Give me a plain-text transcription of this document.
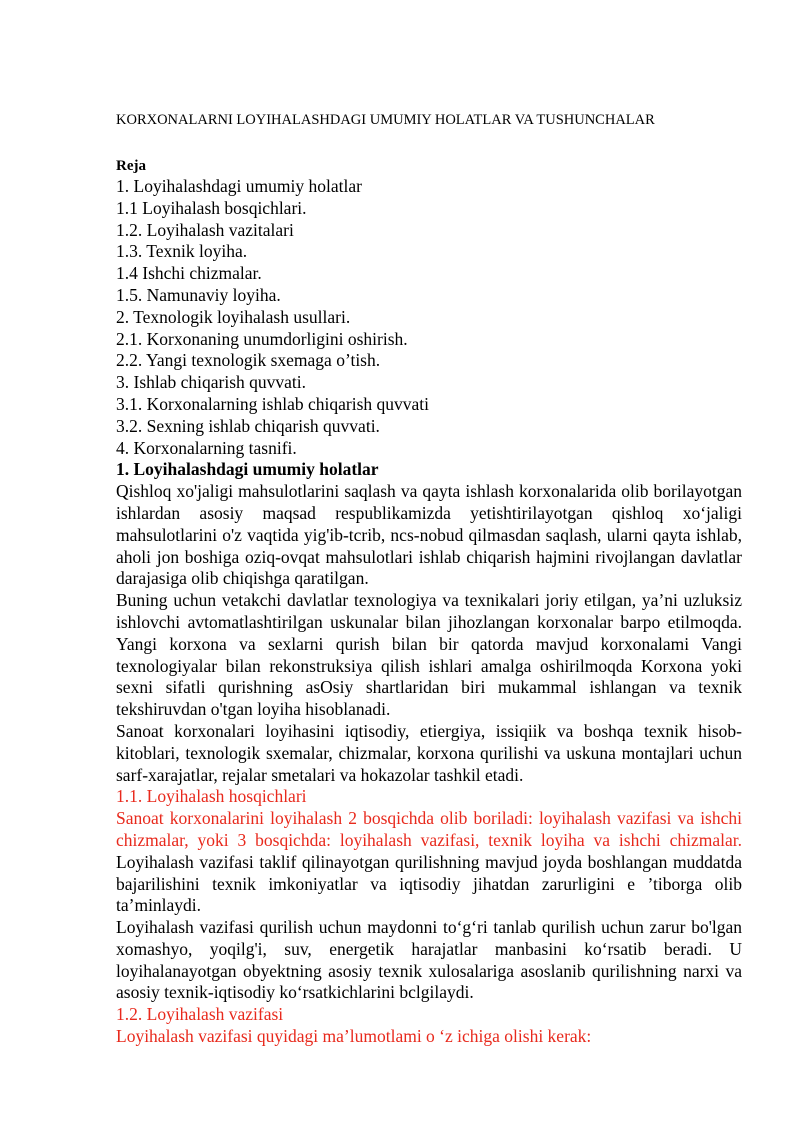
KORXONALARNI LOYIHALASHDAGI UMUMIY HOLATLAR VA TUSHUNCHALAR
Reja
1. Loyihalashdagi umumiy holatlar
1.1 Loyihalash bosqichlari.
1.2. Loyihalash vazitalari
1.3. Texnik loyiha.
1.4 Ishchi chizmalar.
1.5. Namunaviy loyiha.
2. Texnologik loyihalash usullari.
2.1. Korxonaning unumdorligini oshirish.
2.2. Yangi texnologik sxemaga o’tish.
3. Ishlab chiqarish quvvati.
3.1. Korxonalarning ishlab chiqarish quvvati
3.2. Sexning ishlab chiqarish quvvati.
4. Korxonalarning tasnifi.
1. Loyihalashdagi umumiy holatlar

Qishloq xo'jaligi mahsulotlarini saqlash va qayta ishlash korxonalarida olib borilayotgan ishlardan asosiy maqsad respublikamizda yetishtirilayotgan qishloq xo‘jaligi mahsulotlarini o'z vaqtida yig'ib-tcrib, ncs-nobud qilmasdan saqlash, ularni qayta ishlab, aholi jon boshiga oziq-ovqat mahsulotlari ishlab chiqarish hajmini rivojlangan davlatlar darajasiga olib chiqishga qaratilgan.

Buning uchun vetakchi davlatlar texnologiya va texnikalari joriy etilgan, ya’ni uzluksiz ishlovchi avtomatlashtirilgan uskunalar bilan jihozlangan korxonalar barpo etilmoqda. Yangi korxona va sexlarni qurish bilan bir qatorda mavjud korxonalami Vangi texnologiyalar bilan rekonstruksiya qilish ishlari amalga oshirilmoqda Korxona yoki sexni sifatli qurishning asOsiy shartlaridan biri mukammal ishlangan va texnik tekshiruvdan o'tgan loyiha hisoblanadi.

Sanoat korxonalari loyihasini iqtisodiy, etiergiya, issiqiik va boshqa texnik hisob-kitoblari, texnologik sxemalar, chizmalar, korxona qurilishi va uskuna montajlari uchun sarf-xarajatlar, rejalar smetalari va hokazolar tashkil etadi.

1.1. Loyihalash hosqichlari

Sanoat korxonalarini loyihalash 2 bosqichda olib boriladi: loyihalash vazifasi va ishchi chizmalar, yoki 3 bosqichda: loyihalash vazifasi, texnik loyiha va ishchi chizmalar. Loyihalash vazifasi taklif qilinayotgan qurilishning mavjud joyda boshlangan muddatda bajarilishini texnik imkoniyatlar va iqtisodiy jihatdan zarurligini e ’tiborga olib ta’minlaydi.

Loyihalash vazifasi qurilish uchun maydonni to‘g‘ri tanlab qurilish uchun zarur bo'lgan xomashyo, yoqilg'i, suv, energetik harajatlar manbasini ko‘rsatib beradi. U loyihalanayotgan obyektning asosiy texnik xulosalariga asoslanib qurilishning narxi va asosiy texnik-iqtisodiy ko‘rsatkichlarini bclgilaydi.

1.2. Loyihalash vazifasi

Loyihalash vazifasi quyidagi ma’lumotlami o ‘z ichiga olishi kerak:
